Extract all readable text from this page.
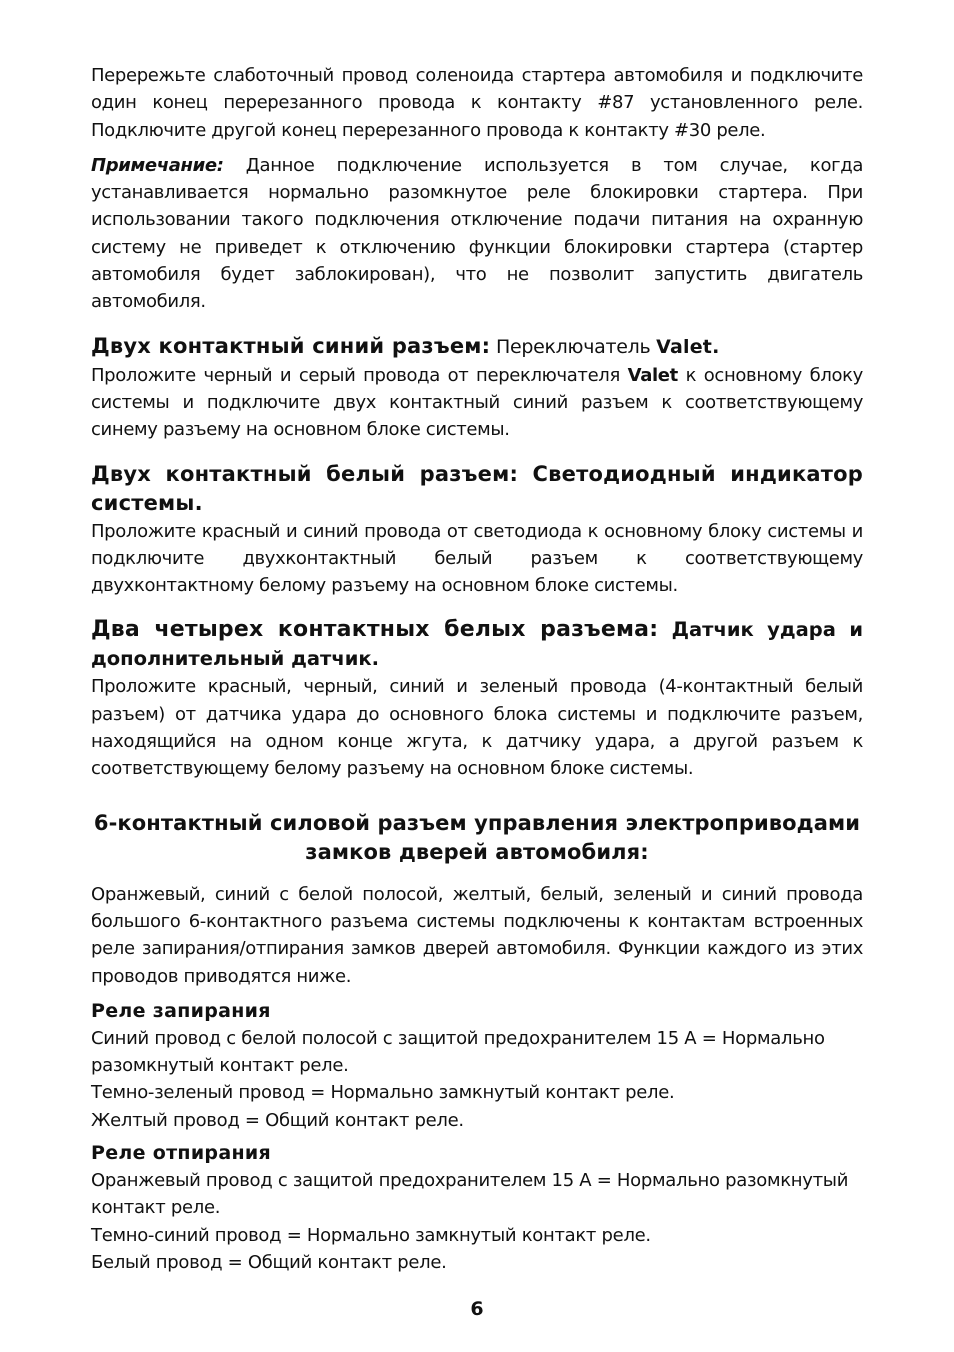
Перережьте слаботочный провод соленоида стартера автомобиля и подключите один конец перерезанного провода к контакту #87 установленного реле. Подключите другой конец перерезанного провода к контакту #30 реле.

Примечание: Данное подключение используется в том случае, когда устанавливается нормально разомкнутое реле блокировки стартера. При использовании такого подключения отключение подачи питания на охранную систему не приведет к отключению функции блокировки стартера (стартер автомобиля будет заблокирован), что не позволит запустить двигатель автомобиля.

Двух контактный синий разъем: Переключатель Valet.

Проложите черный и серый провода от переключателя Valet к основному блоку системы и подключите двух контактный синий разъем к соответствующему синему разъему на основном блоке системы.

Двух контактный белый разъем: Светодиодный индикатор системы.

Проложите красный и синий провода от светодиода к основному блоку системы и подключите двухконтактный белый разъем к соответствующему двухконтактному белому разъему на основном блоке системы.

Два четырех контактных белых разъема: Датчик удара и дополнительный датчик.

Проложите красный, черный, синий и зеленый провода (4-контактный белый разъем) от датчика удара до основного блока системы и подключите разъем, находящийся на одном конце жгута, к датчику удара, а другой разъем к соответствующему белому разъему на основном блоке системы.

6-контактный силовой разъем управления электроприводами замков дверей автомобиля:

Оранжевый, синий с белой полосой, желтый, белый, зеленый и синий провода большого 6-контактного разъема системы подключены к контактам встроенных реле запирания/отпирания замков дверей автомобиля. Функции каждого из этих проводов приводятся ниже.

Реле запирания

Синий провод с белой полосой с защитой предохранителем 15 А = Нормально разомкнутый контакт реле.

Темно-зеленый провод = Нормально замкнутый контакт реле.

Желтый провод = Общий контакт реле.

Реле отпирания

Оранжевый провод с защитой предохранителем 15 А = Нормально разомкнутый контакт реле.

Темно-синий провод = Нормально замкнутый контакт реле.

Белый провод = Общий контакт реле.

6
